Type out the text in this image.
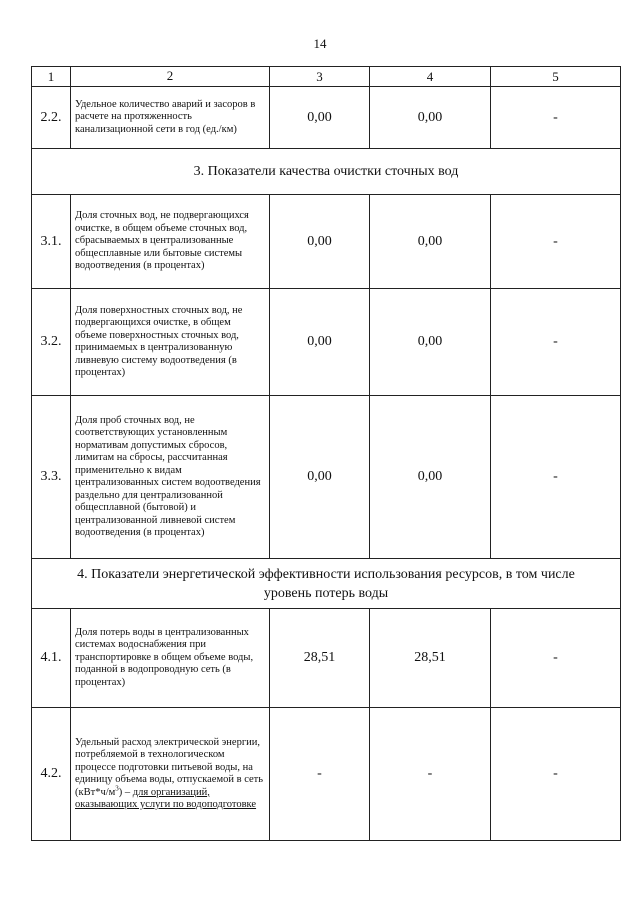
14
1	2	3	4	5
2.2.	Удельное количество аварий и засоров в расчете на протяженность канализационной сети в год (ед./км)	0,00	0,00	-
3. Показатели качества очистки сточных вод				
3.1.	Доля сточных вод, не подвергающихся очистке, в общем объеме сточных вод, сбрасываемых в централизованные общесплавные или бытовые системы водоотведения (в процентах)	0,00	0,00	-
3.2.	Доля поверхностных сточных вод, не подвергающихся очистке, в общем объеме поверхностных сточных вод, принимаемых в централизованную ливневую систему водоотведения (в процентах)	0,00	0,00	-
3.3.	Доля проб сточных вод, не соответствующих установленным нормативам допустимых сбросов, лимитам на сбросы, рассчитанная применительно к видам централизованных систем водоотведения раздельно для централизованной общесплавной (бытовой) и централизованной ливневой систем водоотведения (в процентах)	0,00	0,00	-
4. Показатели энергетической эффективности использования ресурсов, в том числе уровень потерь воды				
4.1.	Доля потерь воды в централизованных системах водоснабжения при транспортировке в общем объеме воды, поданной в водопроводную сеть (в процентах)	28,51	28,51	-
4.2.	Удельный расход электрической энергии, потребляемой в технологическом процессе подготовки питьевой воды, на единицу объема воды, отпускаемой в сеть $(кВт*ч/м^3)$ – для организаций, оказывающих услуги по водоподготовке	-	-	-
